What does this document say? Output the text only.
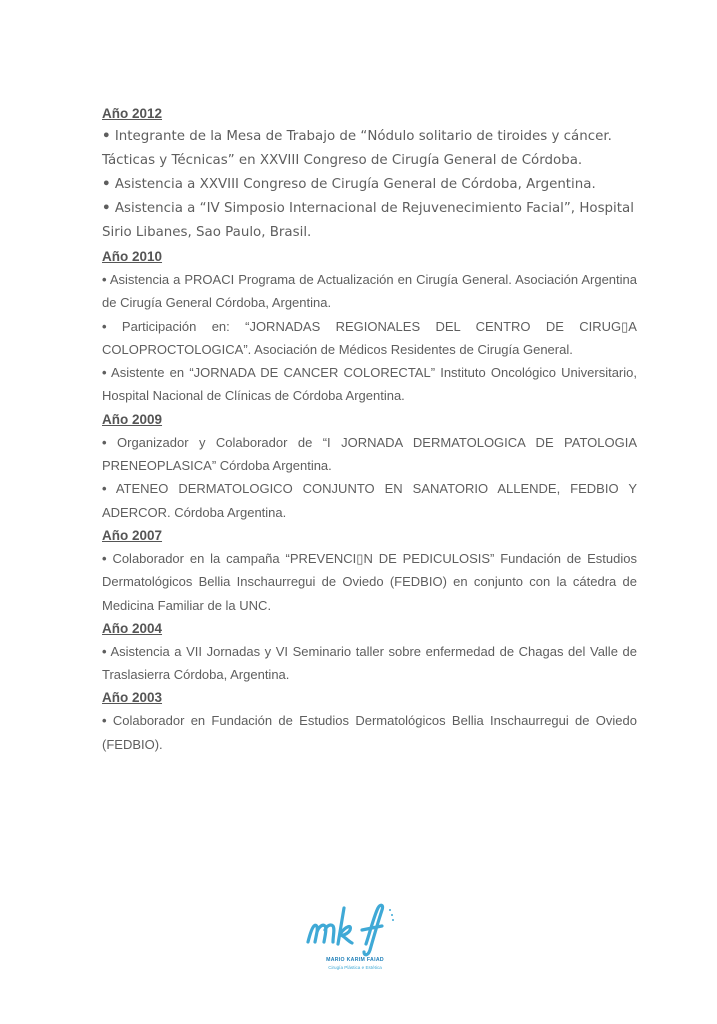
Año 2012

• Integrante de la Mesa de Trabajo de “Nódulo solitario de tiroides y cáncer. Tácticas y Técnicas” en XXVIII Congreso de Cirugía General de Córdoba.

• Asistencia a XXVIII Congreso de Cirugía General de Córdoba, Argentina.

• Asistencia a “IV Simposio Internacional de Rejuvenecimiento Facial”, Hospital Sirio Libanes, Sao Paulo, Brasil.

Año 2010

• Asistencia a PROACI Programa de Actualización en Cirugía General. Asociación Argentina de Cirugía General Córdoba, Argentina.

• Participación en: “JORNADAS REGIONALES DEL CENTRO DE CIRUG▯A COLOPROCTOLOGICA”. Asociación de Médicos Residentes de Cirugía General.

• Asistente en “JORNADA DE CANCER COLORECTAL” Instituto Oncológico Universitario, Hospital Nacional de Clínicas de Córdoba Argentina.

Año 2009

• Organizador y Colaborador de “I JORNADA DERMATOLOGICA DE PATOLOGIA PRENEOPLASICA” Córdoba Argentina.

• ATENEO DERMATOLOGICO CONJUNTO EN SANATORIO ALLENDE, FEDBIO Y ADERCOR. Córdoba Argentina.

Año 2007

• Colaborador en la campaña “PREVENCI▯N DE PEDICULOSIS” Fundación de Estudios Dermatológicos Bellia Inschaurregui de Oviedo (FEDBIO) en conjunto con la cátedra de Medicina Familiar de la UNC.

Año 2004

• Asistencia a VII Jornadas y VI Seminario taller sobre enfermedad de Chagas del Valle de Traslasierra Córdoba, Argentina.

Año 2003

• Colaborador en Fundación de Estudios Dermatológicos Bellia Inschaurregui de Oviedo (FEDBIO).

MARIO KARIM FAIAD
Cirugía Plástica e Estética
